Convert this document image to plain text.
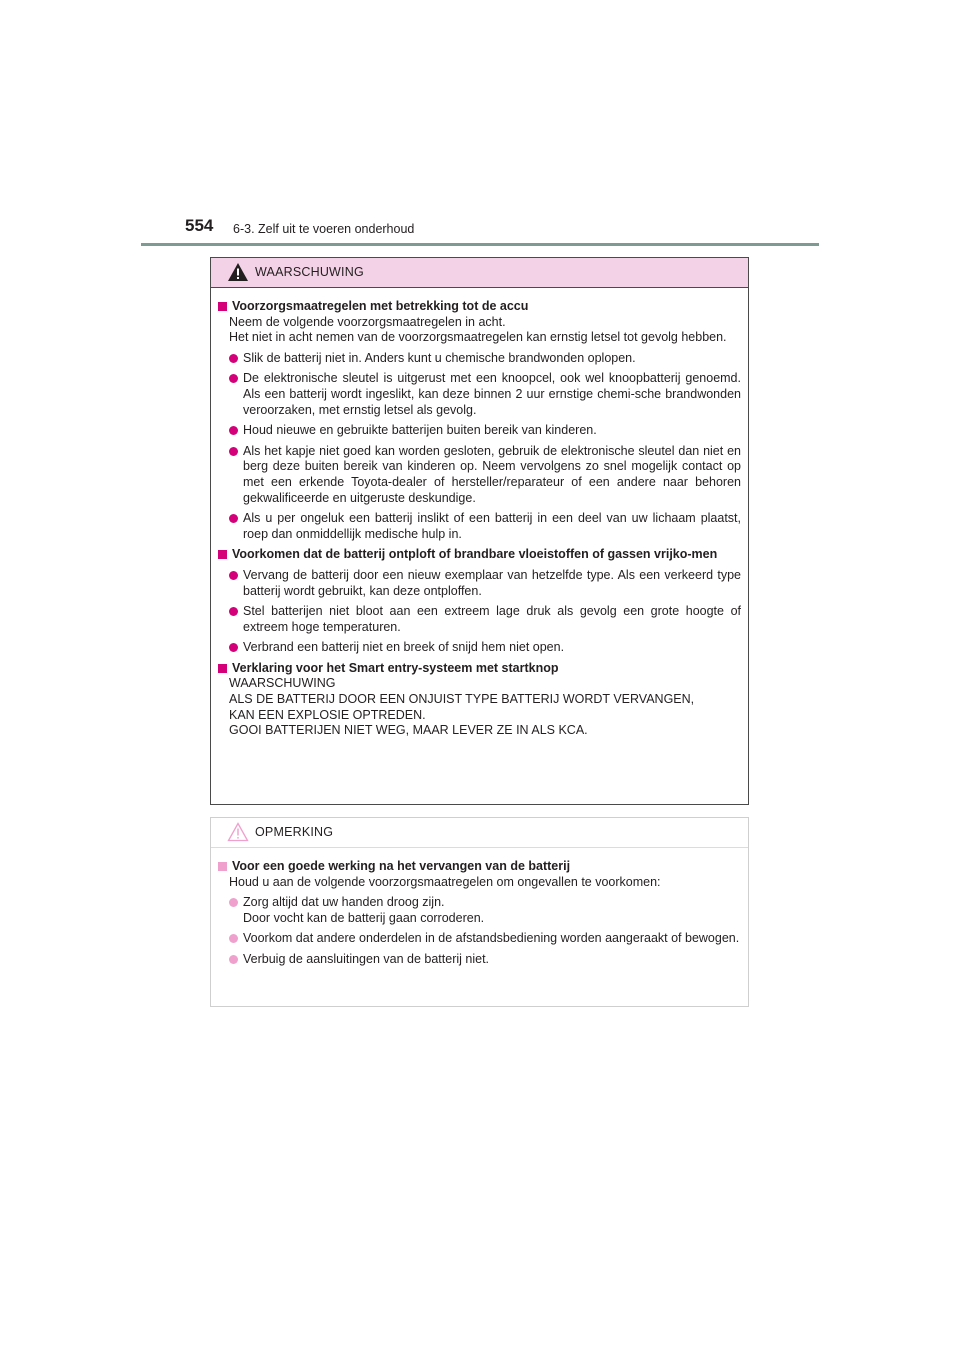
554 6-3. Zelf uit te voeren onderhoud
WAARSCHUWING
Voorzorgsmaatregelen met betrekking tot de accu
Neem de volgende voorzorgsmaatregelen in acht.
Het niet in acht nemen van de voorzorgsmaatregelen kan ernstig letsel tot gevolg hebben.
Slik de batterij niet in. Anders kunt u chemische brandwonden oplopen.
De elektronische sleutel is uitgerust met een knoopcel, ook wel knoopbatterij genoemd. Als een batterij wordt ingeslikt, kan deze binnen 2 uur ernstige chemi-sche brandwonden veroorzaken, met ernstig letsel als gevolg.
Houd nieuwe en gebruikte batterijen buiten bereik van kinderen.
Als het kapje niet goed kan worden gesloten, gebruik de elektronische sleutel dan niet en berg deze buiten bereik van kinderen op. Neem vervolgens zo snel mogelijk contact op met een erkende Toyota-dealer of hersteller/reparateur of een andere naar behoren gekwalificeerde en uitgeruste deskundige.
Als u per ongeluk een batterij inslikt of een batterij in een deel van uw lichaam plaatst, roep dan onmiddellijk medische hulp in.
Voorkomen dat de batterij ontploft of brandbare vloeistoffen of gassen vrijko-men
Vervang de batterij door een nieuw exemplaar van hetzelfde type. Als een verkeerd type batterij wordt gebruikt, kan deze ontploffen.
Stel batterijen niet bloot aan een extreem lage druk als gevolg een grote hoogte of extreem hoge temperaturen.
Verbrand een batterij niet en breek of snijd hem niet open.
Verklaring voor het Smart entry-systeem met startknop
WAARSCHUWING
ALS DE BATTERIJ DOOR EEN ONJUIST TYPE BATTERIJ WORDT VERVANGEN,
KAN EEN EXPLOSIE OPTREDEN.
GOOI BATTERIJEN NIET WEG, MAAR LEVER ZE IN ALS KCA.
OPMERKING
Voor een goede werking na het vervangen van de batterij
Houd u aan de volgende voorzorgsmaatregelen om ongevallen te voorkomen:
Zorg altijd dat uw handen droog zijn.
Door vocht kan de batterij gaan corroderen.
Voorkom dat andere onderdelen in de afstandsbediening worden aangeraakt of bewogen.
Verbuig de aansluitingen van de batterij niet.
